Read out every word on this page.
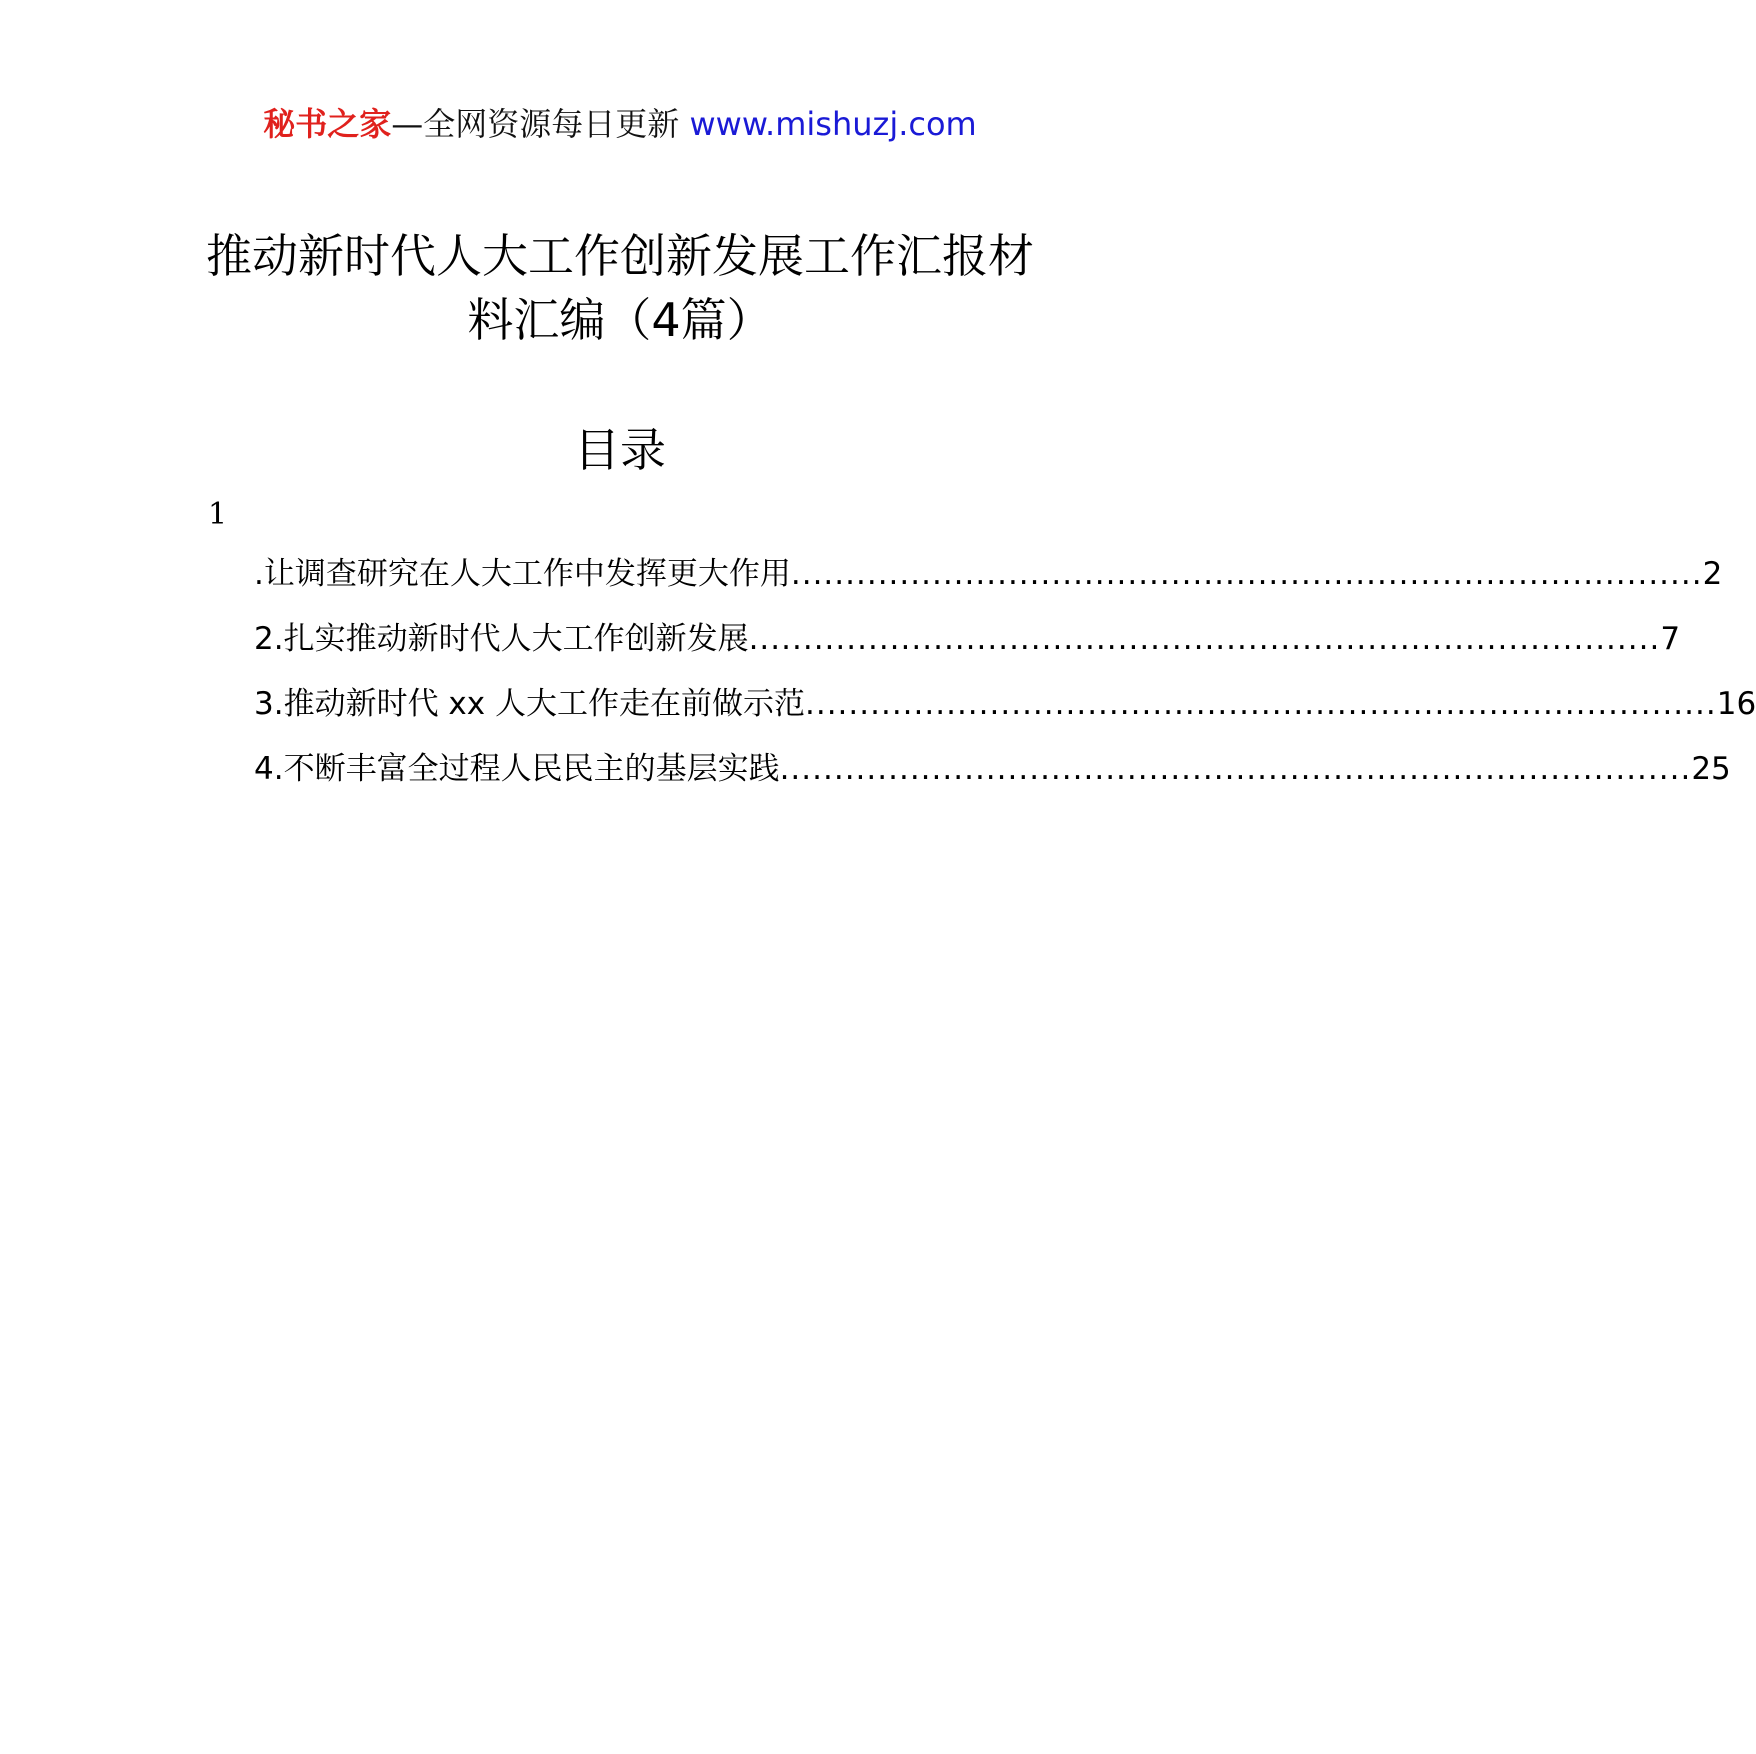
秘书之家—全网资源每日更新 www.mishuzj.com
推动新时代人大工作创新发展工作汇报材料汇编（4篇）
目录
1
.让调查研究在人大工作中发挥更大作用 .................................................................................... 2
2.扎实推动新时代人大工作创新发展 .................................................................................... 7
3.推动新时代 xx 人大工作走在前做示范 .................................................................................... 16
4.不断丰富全过程人民民主的基层实践 .................................................................................... 25
